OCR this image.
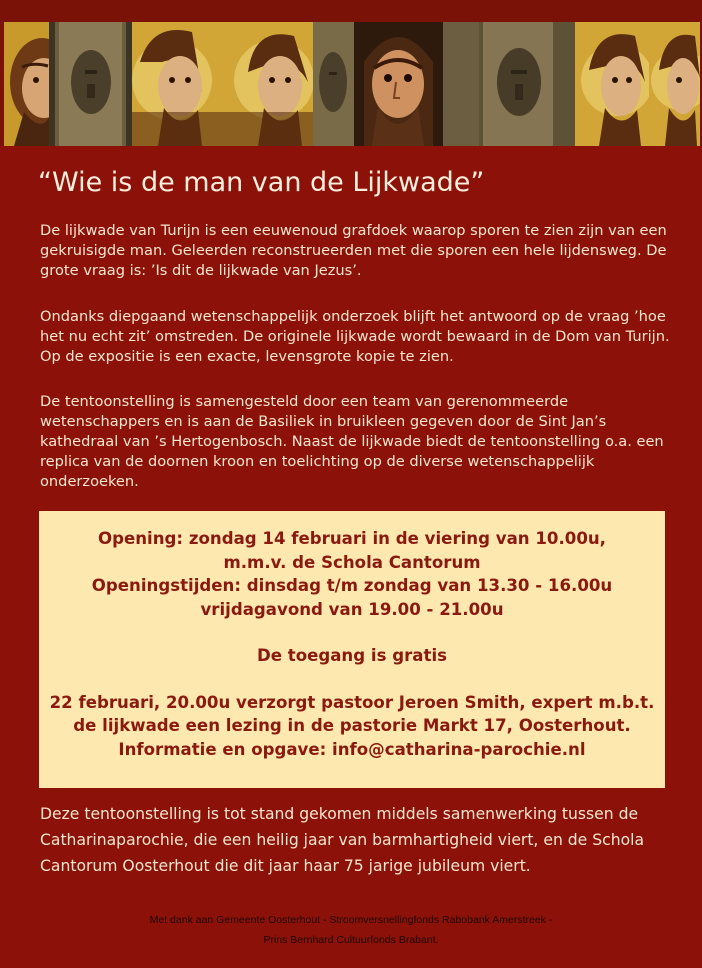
“Wie is de man van de Lijkwade”

De lijkwade van Turijn is een eeuwenoud grafdoek waarop sporen te zien zijn van een gekruisigde man. Geleerden reconstrueerden met die sporen een hele lijdensweg. De grote vraag is: ’Is dit de lijkwade van Jezus’.

Ondanks diepgaand wetenschappelijk onderzoek blijft het antwoord op de vraag ’hoe het nu echt zit’ omstreden. De originele lijkwade wordt bewaard in de Dom van Turijn. Op de expositie is een exacte, levensgrote kopie te zien.

De tentoonstelling is samengesteld door een team van gerenommeerde wetenschappers en is aan de Basiliek in bruikleen gegeven door de Sint Jan’s kathedraal van ’s Hertogenbosch. Naast de lijkwade biedt de tentoonstelling o.a. een replica van de doornen kroon en toelichting op de diverse wetenschappelijk onderzoeken.

Opening: zondag 14 februari in de viering van 10.00u,
m.m.v. de Schola Cantorum
Openingstijden: dinsdag t/m zondag van 13.30 - 16.00u
vrijdagavond van 19.00 - 21.00u
De toegang is gratis
22 februari, 20.00u verzorgt pastoor Jeroen Smith, expert m.b.t.
de lijkwade een lezing in de pastorie Markt 17, Oosterhout.
Informatie en opgave: info@catharina-parochie.nl

Deze tentoonstelling is tot stand gekomen middels samenwerking tussen de Catharinaparochie, die een heilig jaar van barmhartigheid viert, en de Schola Cantorum Oosterhout die dit jaar haar 75 jarige jubileum viert.

Met dank aan Gemeente Oosterhout - Stroomversnellingfonds Rabobank Amerstreek -
Prins Bernhard Cultuurfonds Brabant.
